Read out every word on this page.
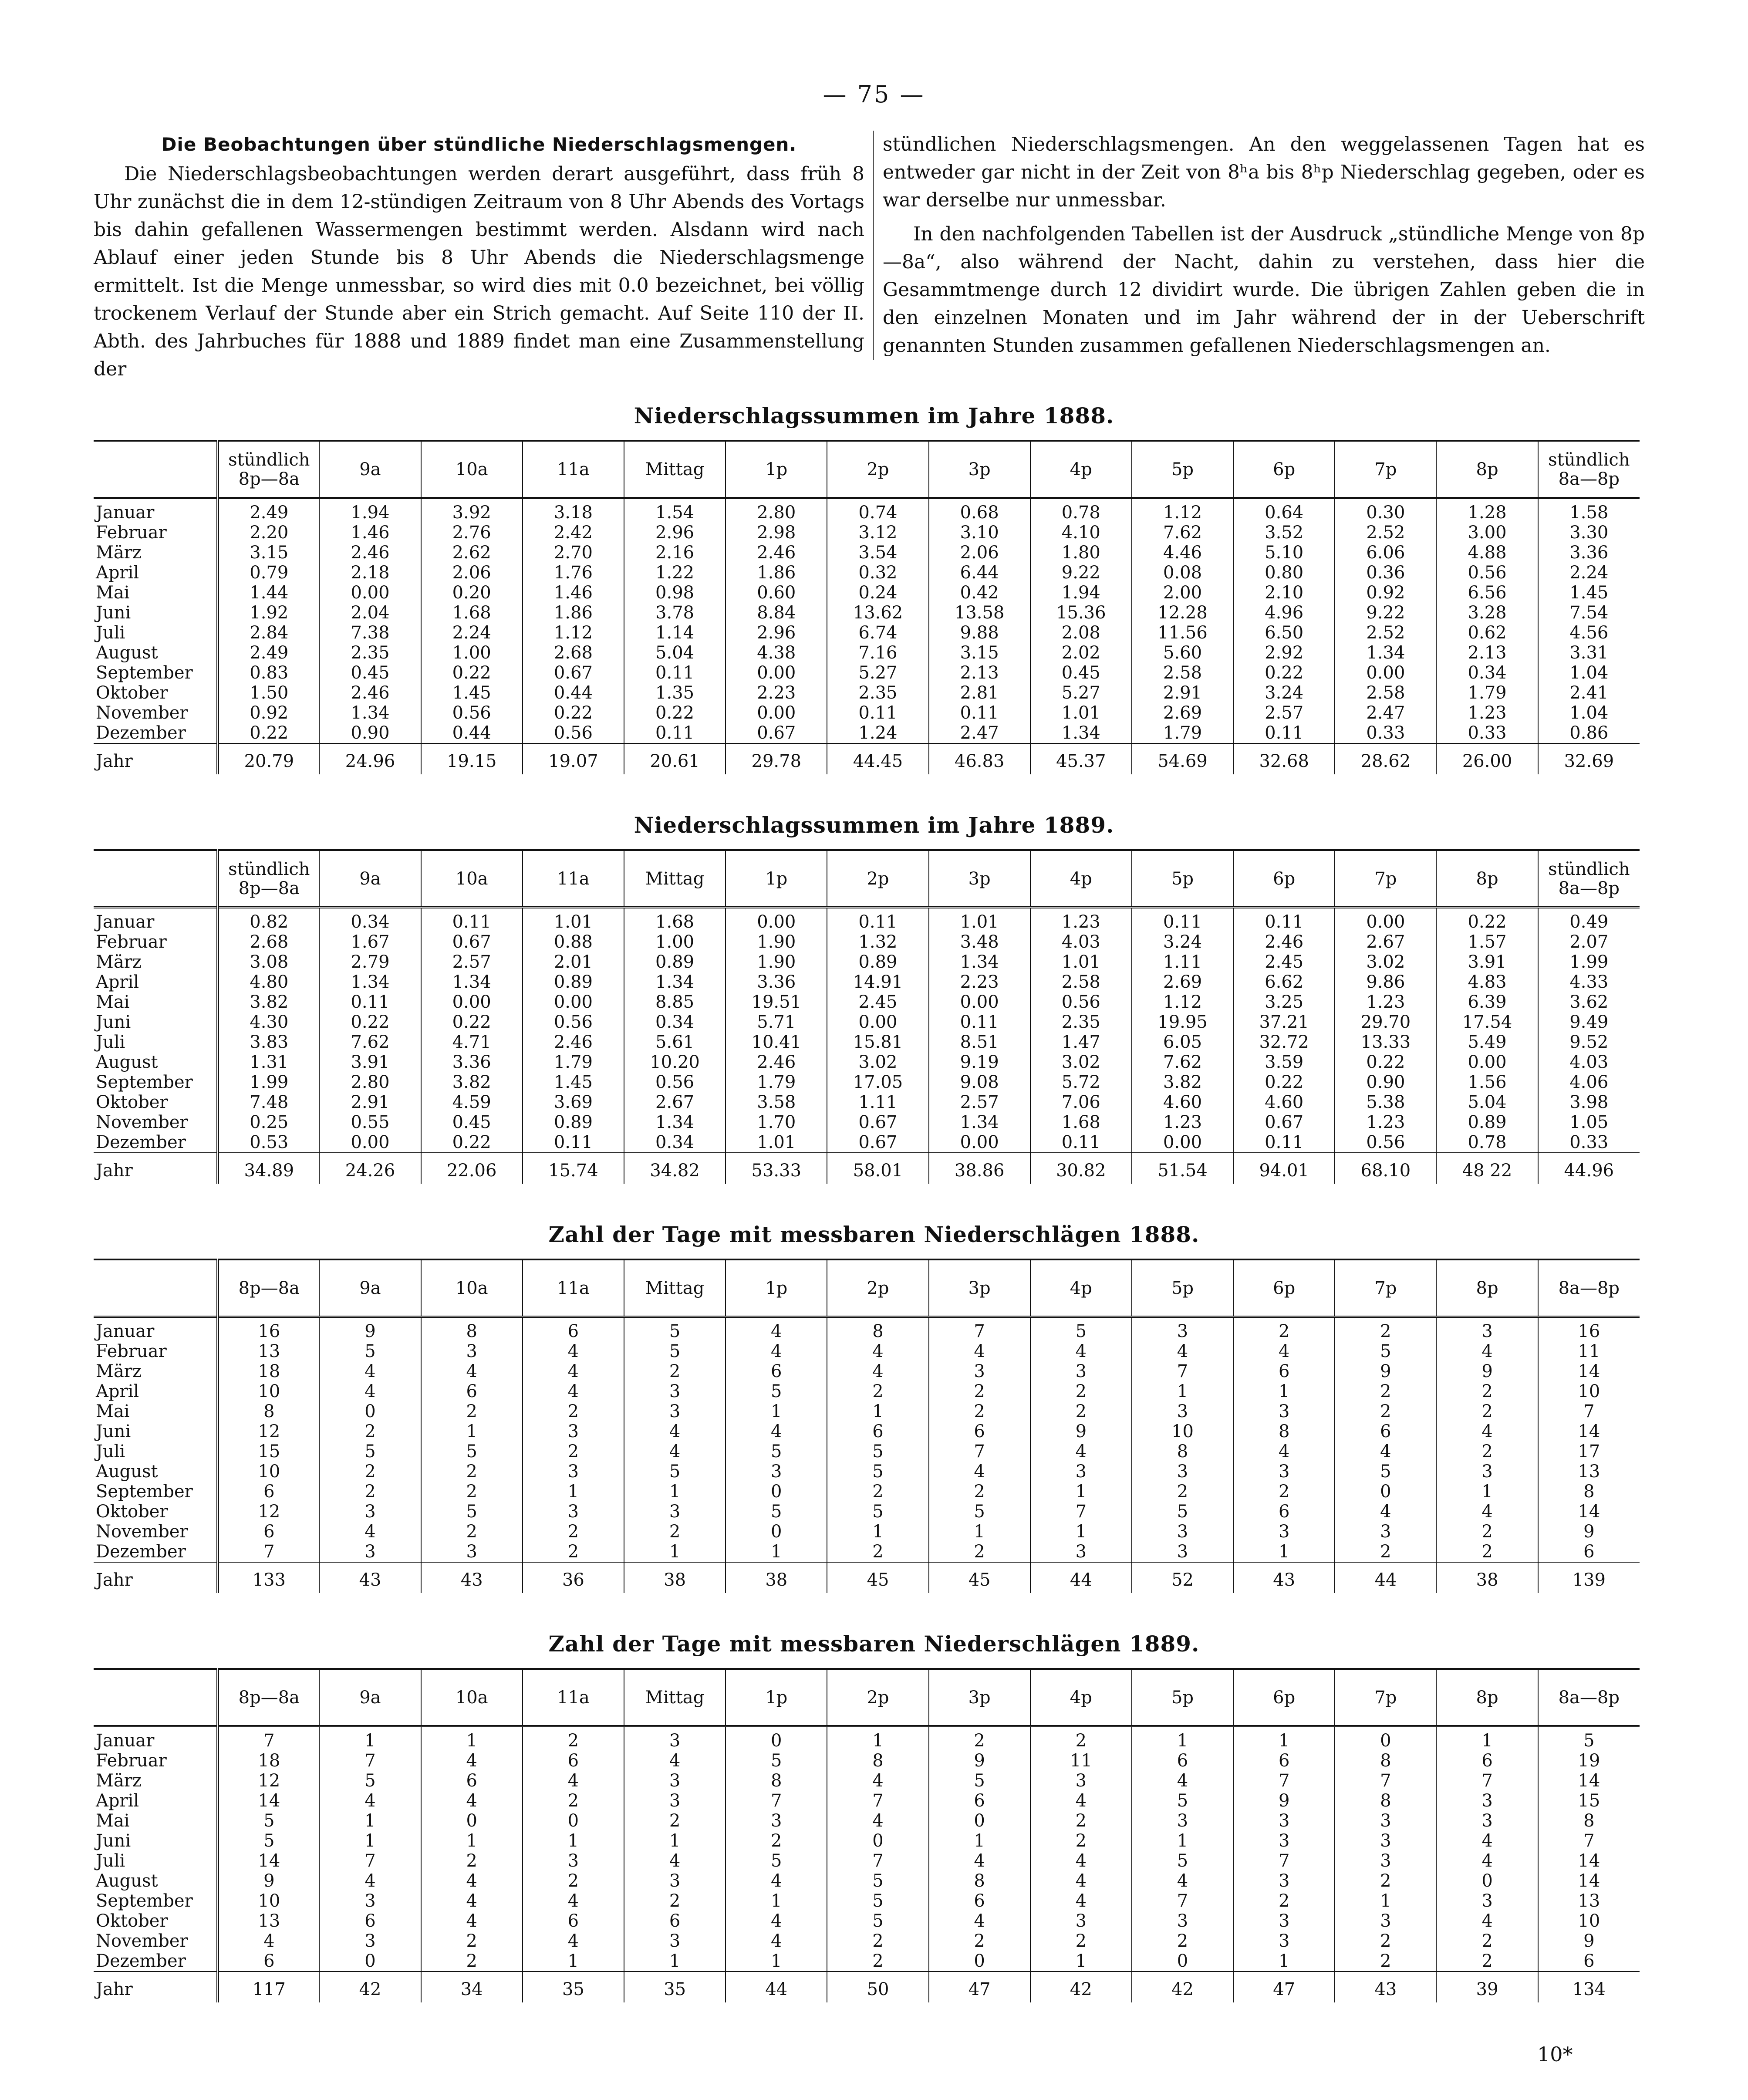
— 75 —
Die Beobachtungen über stündliche Niederschlagsmengen.

Die Niederschlagsbeobachtungen werden derart ausgeführt, dass früh 8 Uhr zunächst die in dem 12-stündigen Zeitraum von 8 Uhr Abends des Vortags bis dahin gefallenen Wassermengen bestimmt werden. Alsdann wird nach Ablauf einer jeden Stunde bis 8 Uhr Abends die Niederschlagsmenge ermittelt. Ist die Menge unmessbar, so wird dies mit 0.0 bezeichnet, bei völlig trockenem Verlauf der Stunde aber ein Strich gemacht. Auf Seite 110 der II. Abth. des Jahrbuches für 1888 und 1889 findet man eine Zusammenstellung der

stündlichen Niederschlagsmengen. An den weggelassenen Tagen hat es entweder gar nicht in der Zeit von 8ʰa bis 8ʰp Niederschlag gegeben, oder es war derselbe nur unmessbar.

In den nachfolgenden Tabellen ist der Ausdruck „stündliche Menge von 8p—8a“, also während der Nacht, dahin zu verstehen, dass hier die Gesammtmenge durch 12 dividirt wurde. Die übrigen Zahlen geben die in den einzelnen Monaten und im Jahr während der in der Ueberschrift genannten Stunden zusammen gefallenen Niederschlagsmengen an.

Niederschlagssummen im Jahre 1888.
	stündlich 8p—8a	9a	10a	11a	Mittag	1p	2p	3p	4p	5p	6p	7p	8p	stündlich 8a—8p
Januar	2.49	1.94	3.92	3.18	1.54	2.80	0.74	0.68	0.78	1.12	0.64	0.30	1.28	1.58
Februar	2.20	1.46	2.76	2.42	2.96	2.98	3.12	3.10	4.10	7.62	3.52	2.52	3.00	3.30
März	3.15	2.46	2.62	2.70	2.16	2.46	3.54	2.06	1.80	4.46	5.10	6.06	4.88	3.36
April	0.79	2.18	2.06	1.76	1.22	1.86	0.32	6.44	9.22	0.08	0.80	0.36	0.56	2.24
Mai	1.44	0.00	0.20	1.46	0.98	0.60	0.24	0.42	1.94	2.00	2.10	0.92	6.56	1.45
Juni	1.92	2.04	1.68	1.86	3.78	8.84	13.62	13.58	15.36	12.28	4.96	9.22	3.28	7.54
Juli	2.84	7.38	2.24	1.12	1.14	2.96	6.74	9.88	2.08	11.56	6.50	2.52	0.62	4.56
August	2.49	2.35	1.00	2.68	5.04	4.38	7.16	3.15	2.02	5.60	2.92	1.34	2.13	3.31
September	0.83	0.45	0.22	0.67	0.11	0.00	5.27	2.13	0.45	2.58	0.22	0.00	0.34	1.04
Oktober	1.50	2.46	1.45	0.44	1.35	2.23	2.35	2.81	5.27	2.91	3.24	2.58	1.79	2.41
November	0.92	1.34	0.56	0.22	0.22	0.00	0.11	0.11	1.01	2.69	2.57	2.47	1.23	1.04
Dezember	0.22	0.90	0.44	0.56	0.11	0.67	1.24	2.47	1.34	1.79	0.11	0.33	0.33	0.86
Jahr	20.79	24.96	19.15	19.07	20.61	29.78	44.45	46.83	45.37	54.69	32.68	28.62	26.00	32.69
Niederschlagssummen im Jahre 1889.
	stündlich 8p—8a	9a	10a	11a	Mittag	1p	2p	3p	4p	5p	6p	7p	8p	stündlich 8a—8p
Januar	0.82	0.34	0.11	1.01	1.68	0.00	0.11	1.01	1.23	0.11	0.11	0.00	0.22	0.49
Februar	2.68	1.67	0.67	0.88	1.00	1.90	1.32	3.48	4.03	3.24	2.46	2.67	1.57	2.07
März	3.08	2.79	2.57	2.01	0.89	1.90	0.89	1.34	1.01	1.11	2.45	3.02	3.91	1.99
April	4.80	1.34	1.34	0.89	1.34	3.36	14.91	2.23	2.58	2.69	6.62	9.86	4.83	4.33
Mai	3.82	0.11	0.00	0.00	8.85	19.51	2.45	0.00	0.56	1.12	3.25	1.23	6.39	3.62
Juni	4.30	0.22	0.22	0.56	0.34	5.71	0.00	0.11	2.35	19.95	37.21	29.70	17.54	9.49
Juli	3.83	7.62	4.71	2.46	5.61	10.41	15.81	8.51	1.47	6.05	32.72	13.33	5.49	9.52
August	1.31	3.91	3.36	1.79	10.20	2.46	3.02	9.19	3.02	7.62	3.59	0.22	0.00	4.03
September	1.99	2.80	3.82	1.45	0.56	1.79	17.05	9.08	5.72	3.82	0.22	0.90	1.56	4.06
Oktober	7.48	2.91	4.59	3.69	2.67	3.58	1.11	2.57	7.06	4.60	4.60	5.38	5.04	3.98
November	0.25	0.55	0.45	0.89	1.34	1.70	0.67	1.34	1.68	1.23	0.67	1.23	0.89	1.05
Dezember	0.53	0.00	0.22	0.11	0.34	1.01	0.67	0.00	0.11	0.00	0.11	0.56	0.78	0.33
Jahr	34.89	24.26	22.06	15.74	34.82	53.33	58.01	38.86	30.82	51.54	94.01	68.10	48 22	44.96
Zahl der Tage mit messbaren Niederschlägen 1888.
	8p—8a	9a	10a	11a	Mittag	1p	2p	3p	4p	5p	6p	7p	8p	8a—8p
Januar	16	9	8	6	5	4	8	7	5	3	2	2	3	16
Februar	13	5	3	4	5	4	4	4	4	4	4	5	4	11
März	18	4	4	4	2	6	4	3	3	7	6	9	9	14
April	10	4	6	4	3	5	2	2	2	1	1	2	2	10
Mai	8	0	2	2	3	1	1	2	2	3	3	2	2	7
Juni	12	2	1	3	4	4	6	6	9	10	8	6	4	14
Juli	15	5	5	2	4	5	5	7	4	8	4	4	2	17
August	10	2	2	3	5	3	5	4	3	3	3	5	3	13
September	6	2	2	1	1	0	2	2	1	2	2	0	1	8
Oktober	12	3	5	3	3	5	5	5	7	5	6	4	4	14
November	6	4	2	2	2	0	1	1	1	3	3	3	2	9
Dezember	7	3	3	2	1	1	2	2	3	3	1	2	2	6
Jahr	133	43	43	36	38	38	45	45	44	52	43	44	38	139
Zahl der Tage mit messbaren Niederschlägen 1889.
	8p—8a	9a	10a	11a	Mittag	1p	2p	3p	4p	5p	6p	7p	8p	8a—8p
Januar	7	1	1	2	3	0	1	2	2	1	1	0	1	5
Februar	18	7	4	6	4	5	8	9	11	6	6	8	6	19
März	12	5	6	4	3	8	4	5	3	4	7	7	7	14
April	14	4	4	2	3	7	7	6	4	5	9	8	3	15
Mai	5	1	0	0	2	3	4	0	2	3	3	3	3	8
Juni	5	1	1	1	1	2	0	1	2	1	3	3	4	7
Juli	14	7	2	3	4	5	7	4	4	5	7	3	4	14
August	9	4	4	2	3	4	5	8	4	4	3	2	0	14
September	10	3	4	4	2	1	5	6	4	7	2	1	3	13
Oktober	13	6	4	6	6	4	5	4	3	3	3	3	4	10
November	4	3	2	4	3	4	2	2	2	2	3	2	2	9
Dezember	6	0	2	1	1	1	2	0	1	0	1	2	2	6
Jahr	117	42	34	35	35	44	50	47	42	42	47	43	39	134
10*
